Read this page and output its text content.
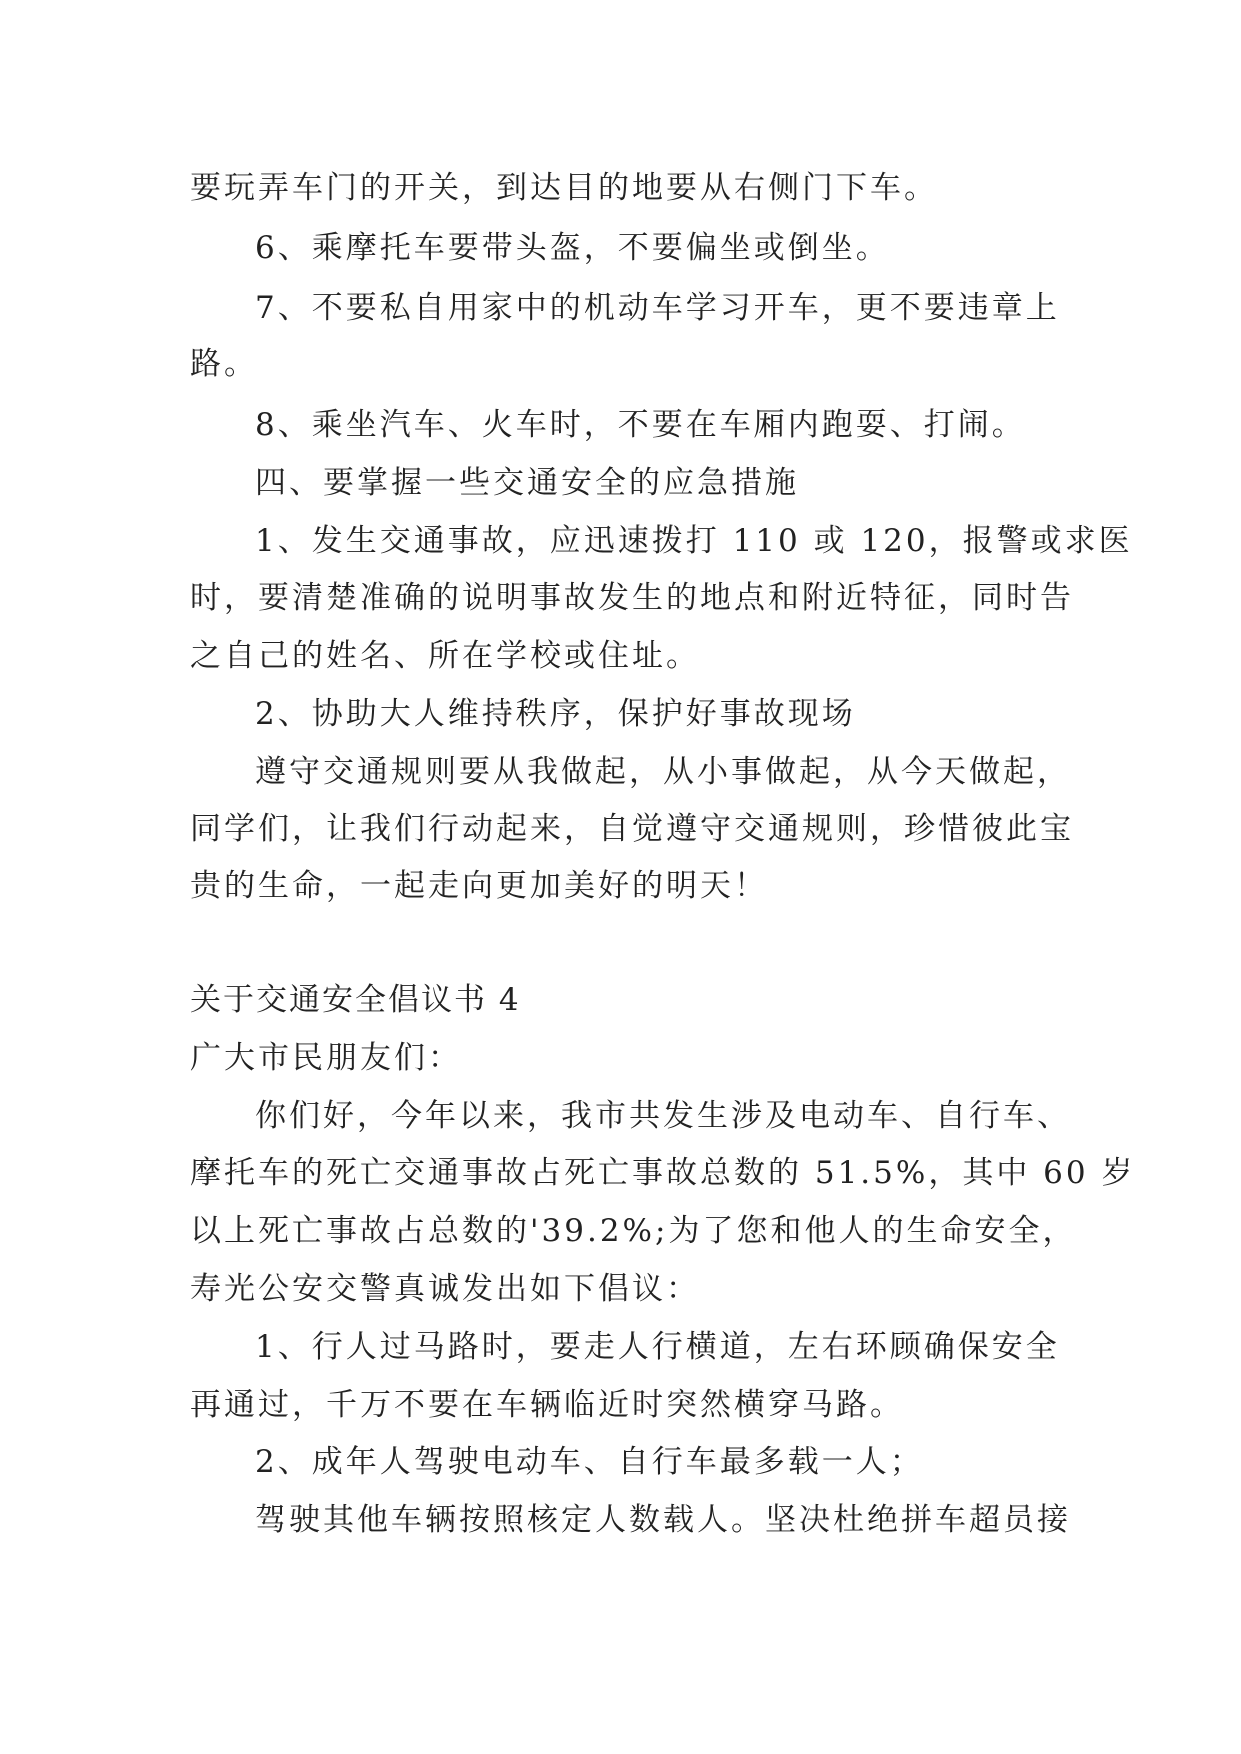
要玩弄车门的开关，到达目的地要从右侧门下车。
6、乘摩托车要带头盔，不要偏坐或倒坐。
7、不要私自用家中的机动车学习开车，更不要违章上
路。
8、乘坐汽车、火车时，不要在车厢内跑耍、打闹。
四、要掌握一些交通安全的应急措施
1、发生交通事故，应迅速拨打 110 或 120，报警或求医
时，要清楚准确的说明事故发生的地点和附近特征，同时告
之自己的姓名、所在学校或住址。
2、协助大人维持秩序，保护好事故现场
遵守交通规则要从我做起，从小事做起，从今天做起，
同学们，让我们行动起来，自觉遵守交通规则，珍惜彼此宝
贵的生命，一起走向更加美好的明天！
关于交通安全倡议书 4
广大市民朋友们：
你们好，今年以来，我市共发生涉及电动车、自行车、
摩托车的死亡交通事故占死亡事故总数的 51.5%，其中 60 岁
以上死亡事故占总数的'39.2%;为了您和他人的生命安全，
寿光公安交警真诚发出如下倡议：
1、行人过马路时，要走人行横道，左右环顾确保安全
再通过，千万不要在车辆临近时突然横穿马路。
2、成年人驾驶电动车、自行车最多载一人；
驾驶其他车辆按照核定人数载人。坚决杜绝拼车超员接
